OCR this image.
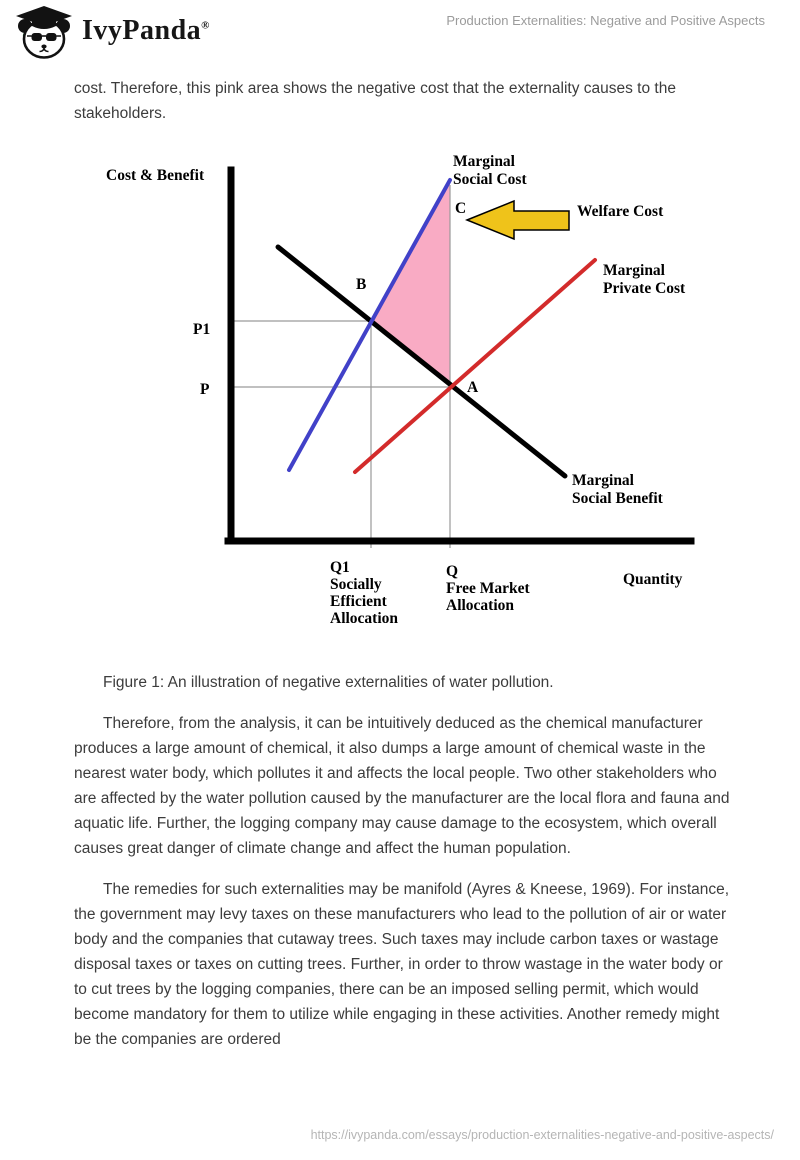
IvyPanda®	Production Externalities: Negative and Positive Aspects

cost. Therefore, this pink area shows the negative cost that the externality causes to the stakeholders.

Cost & Benefit
Marginal
Social Cost
C	Welfare Cost
Marginal
Private Cost
B
P1
P	A
Marginal
Social Benefit
Q1
Socially
Efficient
Allocation
Q
Free Market
Allocation
Quantity

Figure 1: An illustration of negative externalities of water pollution.

Therefore, from the analysis, it can be intuitively deduced as the chemical manufacturer produces a large amount of chemical, it also dumps a large amount of chemical waste in the nearest water body, which pollutes it and affects the local people. Two other stakeholders who are affected by the water pollution caused by the manufacturer are the local flora and fauna and aquatic life. Further, the logging company may cause damage to the ecosystem, which overall causes great danger of climate change and affect the human population.

The remedies for such externalities may be manifold (Ayres & Kneese, 1969). For instance, the government may levy taxes on these manufacturers who lead to the pollution of air or water body and the companies that cutaway trees. Such taxes may include carbon taxes or wastage disposal taxes or taxes on cutting trees. Further, in order to throw wastage in the water body or to cut trees by the logging companies, there can be an imposed selling permit, which would become mandatory for them to utilize while engaging in these activities. Another remedy might be the companies are ordered

https://ivypanda.com/essays/production-externalities-negative-and-positive-aspects/
